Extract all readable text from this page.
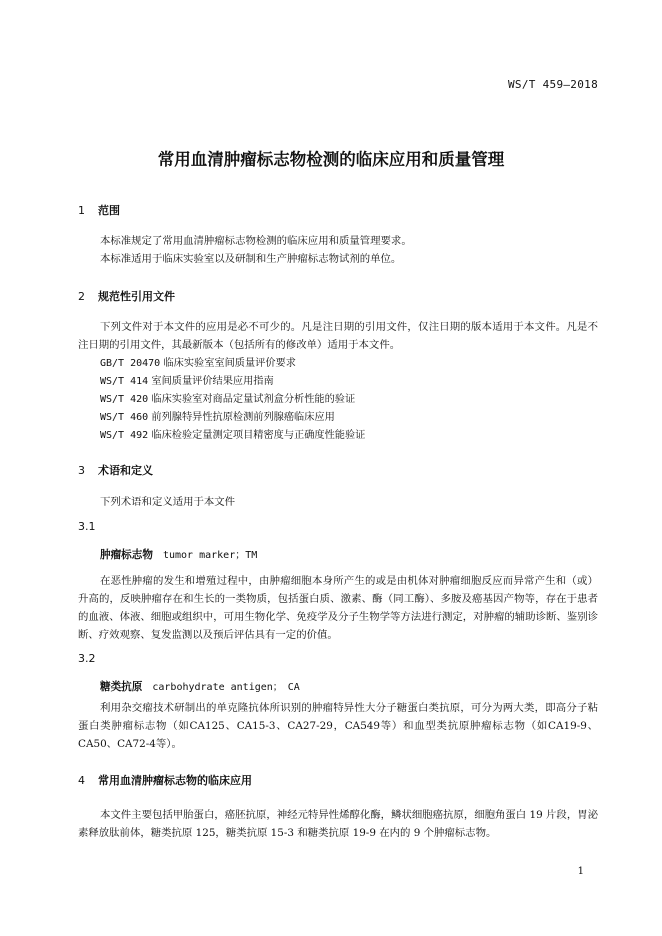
WS/T 459—2018
常用血清肿瘤标志物检测的临床应用和质量管理
1 范围
本标准规定了常用血清肿瘤标志物检测的临床应用和质量管理要求。
本标准适用于临床实验室以及研制和生产肿瘤标志物试剂的单位。
2 规范性引用文件
下列文件对于本文件的应用是必不可少的。凡是注日期的引用文件，仅注日期的版本适用于本文件。凡是不注日期的引用文件，其最新版本（包括所有的修改单）适用于本文件。
GB/T 20470 临床实验室室间质量评价要求
WS/T 414 室间质量评价结果应用指南
WS/T 420 临床实验室对商品定量试剂盒分析性能的验证
WS/T 460 前列腺特异性抗原检测前列腺癌临床应用
WS/T 492 临床检验定量测定项目精密度与正确度性能验证
3 术语和定义
下列术语和定义适用于本文件
3.1
肿瘤标志物 tumor marker；TM
在恶性肿瘤的发生和增殖过程中，由肿瘤细胞本身所产生的或是由机体对肿瘤细胞反应而异常产生和（或）升高的，反映肿瘤存在和生长的一类物质，包括蛋白质、激素、酶（同工酶）、多胺及癌基因产物等，存在于患者的血液、体液、细胞或组织中，可用生物化学、免疫学及分子生物学等方法进行测定，对肿瘤的辅助诊断、鉴别诊断、疗效观察、复发监测以及预后评估具有一定的价值。
3.2
糖类抗原 carbohydrate antigen；　CA
利用杂交瘤技术研制出的单克隆抗体所识别的肿瘤特异性大分子糖蛋白类抗原，可分为两大类，即高分子粘蛋白类肿瘤标志物（如CA125、CA15-3、CA27-29，CA549等）和血型类抗原肿瘤标志物（如CA19-9、CA50、CA72-4等）。
4 常用血清肿瘤标志物的临床应用
本文件主要包括甲胎蛋白，癌胚抗原，神经元特异性烯醇化酶，鳞状细胞癌抗原，细胞角蛋白 19 片段，胃泌素释放肽前体，糖类抗原 125，糖类抗原 15-3 和糖类抗原 19-9 在内的 9 个肿瘤标志物。
1
